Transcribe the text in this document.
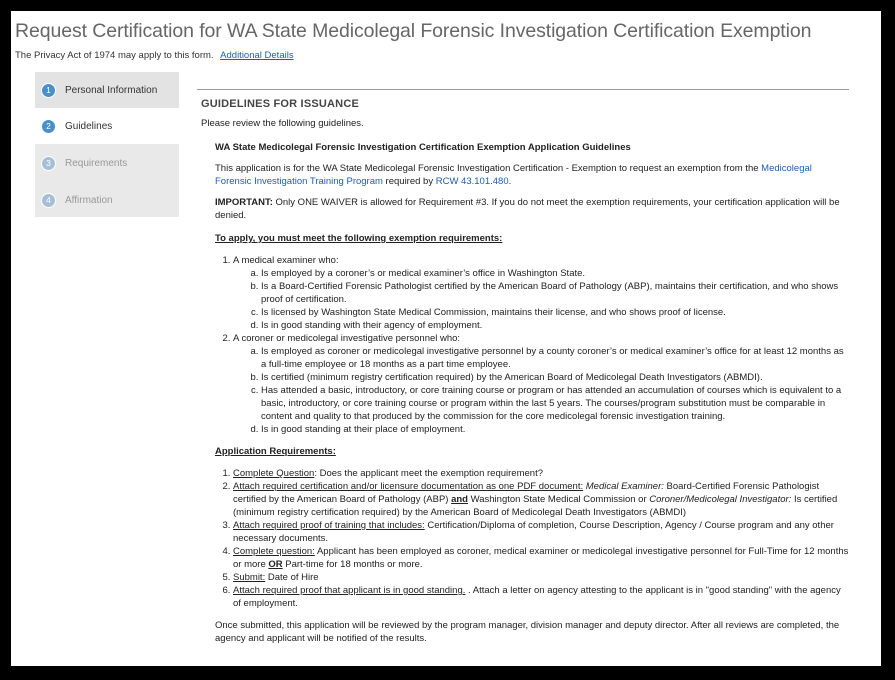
Request Certification for WA State Medicolegal Forensic Investigation Certification Exemption
The Privacy Act of 1974 may apply to this form. Additional Details
1	Personal Information
2	Guidelines
3	Requirements
4	Affirmation
GUIDELINES FOR ISSUANCE

Please review the following guidelines.

WA State Medicolegal Forensic Investigation Certification Exemption Application Guidelines

This application is for the WA State Medicolegal Forensic Investigation Certification - Exemption to request an exemption from the Medicolegal Forensic Investigation Training Program required by RCW 43.101.480.

IMPORTANT: Only ONE WAIVER is allowed for Requirement #3. If you do not meet the exemption requirements, your certification application will be denied.

To apply, you must meet the following exemption requirements:

1. A medical examiner who:
a. Is employed by a coroner’s or medical examiner’s office in Washington State.
b. Is a Board-Certified Forensic Pathologist certified by the American Board of Pathology (ABP), maintains their certification, and who shows proof of certification.
c. Is licensed by Washington State Medical Commission, maintains their license, and who shows proof of license.
d. Is in good standing with their agency of employment.
2. A coroner or medicolegal investigative personnel who:
a. Is employed as coroner or medicolegal investigative personnel by a county coroner’s or medical examiner’s office for at least 12 months as a full-time employee or 18 months as a part time employee.
b. Is certified (minimum registry certification required) by the American Board of Medicolegal Death Investigators (ABMDI).
c. Has attended a basic, introductory, or core training course or program or has attended an accumulation of courses which is equivalent to a basic, introductory, or core training course or program within the last 5 years. The courses/program substitution must be comparable in content and quality to that produced by the commission for the core medicolegal forensic investigation training.
d. Is in good standing at their place of employment.

Application Requirements:

1. Complete Question: Does the applicant meet the exemption requirement?
2. Attach required certification and/or licensure documentation as one PDF document: Medical Examiner: Board-Certified Forensic Pathologist certified by the American Board of Pathology (ABP) and Washington State Medical Commission or Coroner/Medicolegal Investigator: Is certified (minimum registry certification required) by the American Board of Medicolegal Death Investigators (ABMDI)
3. Attach required proof of training that includes: Certification/Diploma of completion, Course Description, Agency / Course program and any other necessary documents.
4. Complete question: Applicant has been employed as coroner, medical examiner or medicolegal investigative personnel for Full-Time for 12 months or more OR Part-time for 18 months or more.
5. Submit: Date of Hire
6. Attach required proof that applicant is in good standing. . Attach a letter on agency attesting to the applicant is in "good standing" with the agency of employment.

Once submitted, this application will be reviewed by the program manager, division manager and deputy director. After all reviews are completed, the agency and applicant will be notified of the results.
